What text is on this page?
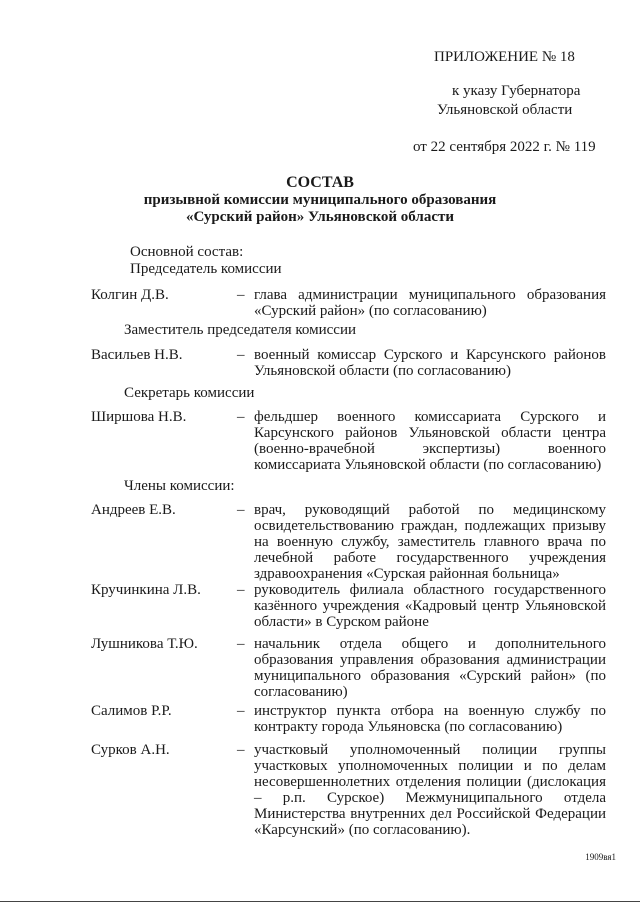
ПРИЛОЖЕНИЕ № 18
к указу Губернатора
Ульяновской области
от 22 сентября 2022 г. № 119
СОСТАВ
призывной комиссии муниципального образования
«Сурский район» Ульяновской области
Основной состав:
Председатель комиссии
Колгин Д.В.	– глава администрации муниципального образования «Сурский район» (по согласованию)
Заместитель председателя комиссии
Васильев Н.В.	– военный комиссар Сурского и Карсунского районов Ульяновской области (по согласованию)
Секретарь комиссии
Ширшова Н.В.	– фельдшер военного комиссариата Сурского и Карсунского районов Ульяновской области центра (военно-врачебной экспертизы) военного комиссариата Ульяновской области (по согласованию)
Члены комиссии:
Андреев Е.В.	– врач, руководящий работой по медицинскому освидетельствованию граждан, подлежащих призыву на военную службу, заместитель главного врача по лечебной работе государственного учреждения здравоохранения «Сурская районная больница»
Кручинкина Л.В. – руководитель филиала областного государственного казённого учреждения «Кадровый центр Ульяновской области» в Сурском районе
Лушникова Т.Ю.	– начальник отдела общего и дополнительного образования управления образования администрации муниципального образования «Сурский район» (по согласованию)
Салимов Р.Р.	– инструктор пункта отбора на военную службу по контракту города Ульяновска (по согласованию)
Сурков А.Н.	– участковый уполномоченный полиции группы участковых уполномоченных полиции и по делам несовершеннолетних отделения полиции (дислокация – р.п. Сурское) Межмуниципального отдела Министерства внутренних дел Российской Федерации «Карсунский» (по согласованию).
1909вя1
